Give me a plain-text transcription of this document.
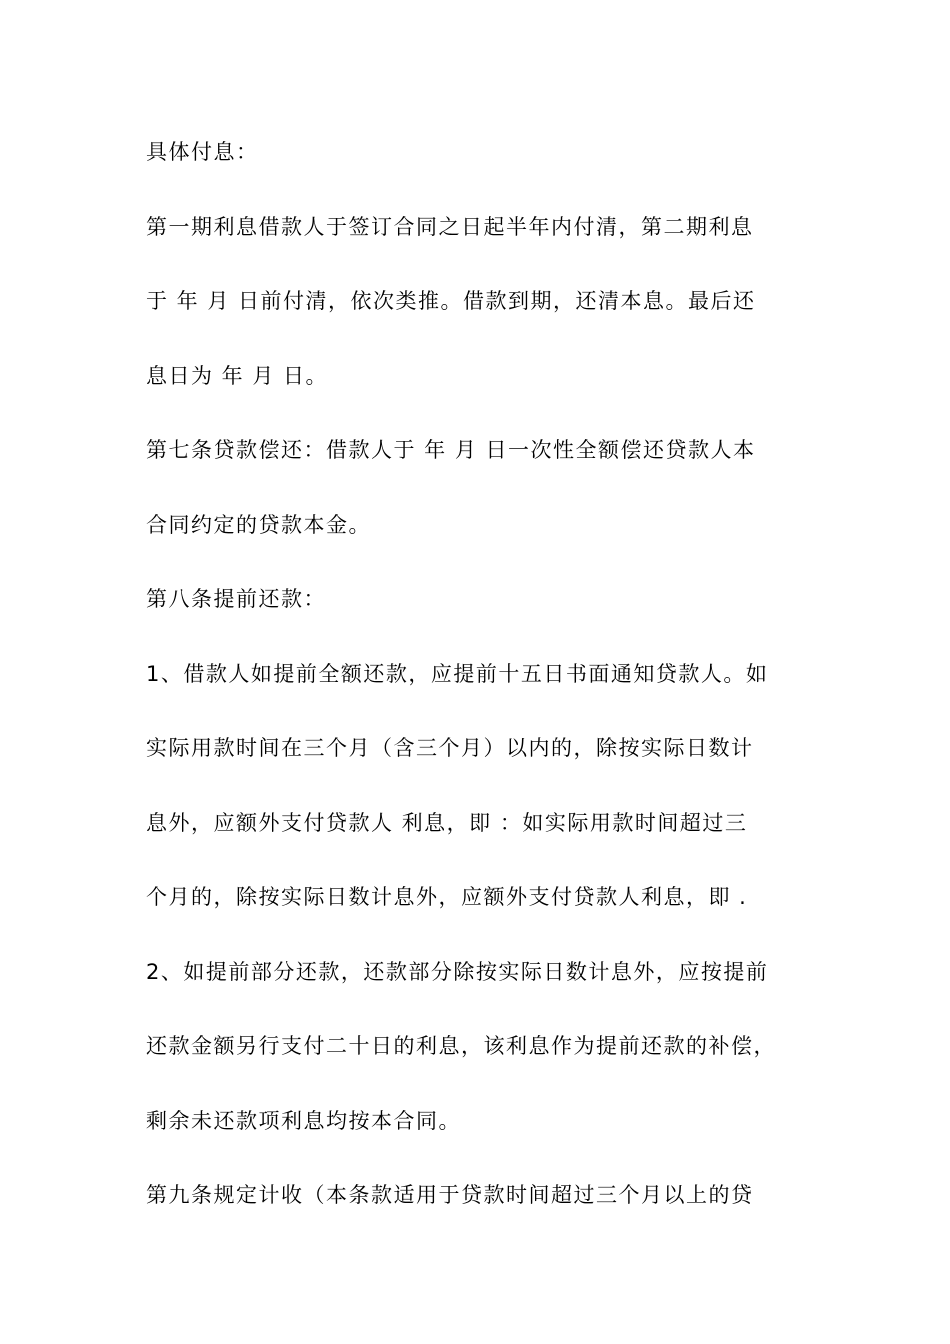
具体付息：
第一期利息借款人于签订合同之日起半年内付清，第二期利息
于 年 月 日前付清，依次类推。借款到期，还清本息。最后还
息日为 年 月 日。
第七条贷款偿还：借款人于 年 月 日一次性全额偿还贷款人本
合同约定的贷款本金。
第八条提前还款：
1、借款人如提前全额还款，应提前十五日书面通知贷款人。如
实际用款时间在三个月（含三个月）以内的，除按实际日数计
息外，应额外支付贷款人 利息，即 ：如实际用款时间超过三
个月的，除按实际日数计息外，应额外支付贷款人利息，即 .
2、如提前部分还款，还款部分除按实际日数计息外，应按提前
还款金额另行支付二十日的利息，该利息作为提前还款的补偿，
剩余未还款项利息均按本合同。
第九条规定计收（本条款适用于贷款时间超过三个月以上的贷
